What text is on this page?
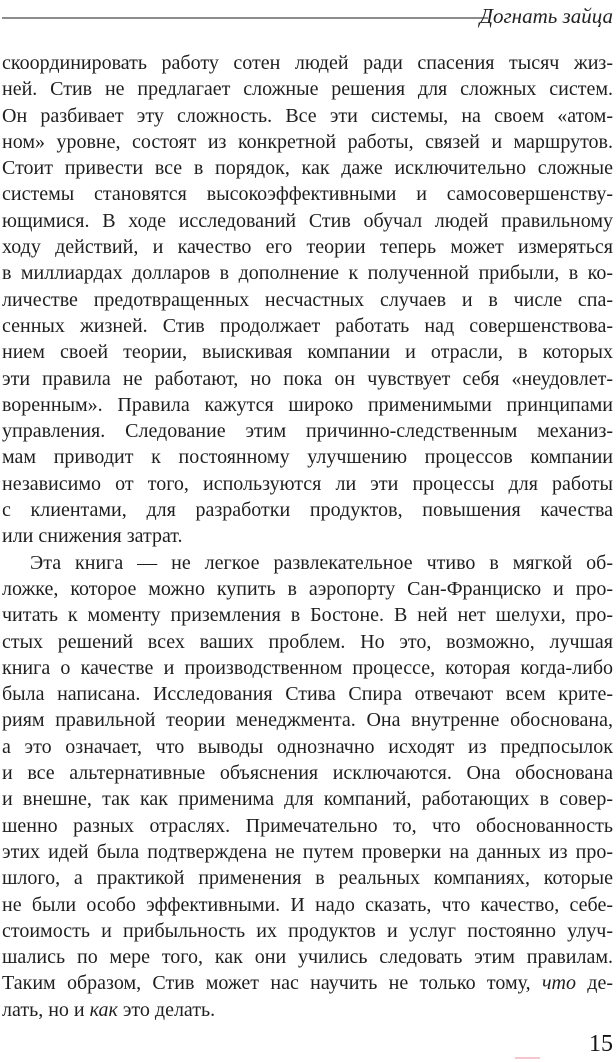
Догнать зайца
скоординировать работу сотен людей ради спасения тысяч жиз-
ней. Стив не предлагает сложные решения для сложных систем.
Он разбивает эту сложность. Все эти системы, на своем «атом-
ном» уровне, состоят из конкретной работы, связей и маршрутов.
Стоит привести все в порядок, как даже исключительно сложные
системы становятся высокоэффективными и самосовершенству-
ющимися. В ходе исследований Стив обучал людей правильному
ходу действий, и качество его теории теперь может измеряться
в миллиардах долларов в дополнение к полученной прибыли, в ко-
личестве предотвращенных несчастных случаев и в числе спа-
сенных жизней. Стив продолжает работать над совершенствова-
нием своей теории, выискивая компании и отрасли, в которых
эти правила не работают, но пока он чувствует себя «неудовлет-
воренным». Правила кажутся широко применимыми принципами
управления. Следование этим причинно-следственным механиз-
мам приводит к постоянному улучшению процессов компании
независимо от того, используются ли эти процессы для работы
с клиентами, для разработки продуктов, повышения качества
или снижения затрат.
Эта книга — не легкое развлекательное чтиво в мягкой об-
ложке, которое можно купить в аэропорту Сан-Франциско и про-
читать к моменту приземления в Бостоне. В ней нет шелухи, про-
стых решений всех ваших проблем. Но это, возможно, лучшая
книга о качестве и производственном процессе, которая когда-либо
была написана. Исследования Стива Спира отвечают всем крите-
риям правильной теории менеджмента. Она внутренне обоснована,
а это означает, что выводы однозначно исходят из предпосылок
и все альтернативные объяснения исключаются. Она обоснована
и внешне, так как применима для компаний, работающих в совер-
шенно разных отраслях. Примечательно то, что обоснованность
этих идей была подтверждена не путем проверки на данных из про-
шлого, а практикой применения в реальных компаниях, которые
не были особо эффективными. И надо сказать, что качество, себе-
стоимость и прибыльность их продуктов и услуг постоянно улуч-
шались по мере того, как они учились следовать этим правилам.
Таким образом, Стив может нас научить не только тому, что де-
лать, но и как это делать.
15
